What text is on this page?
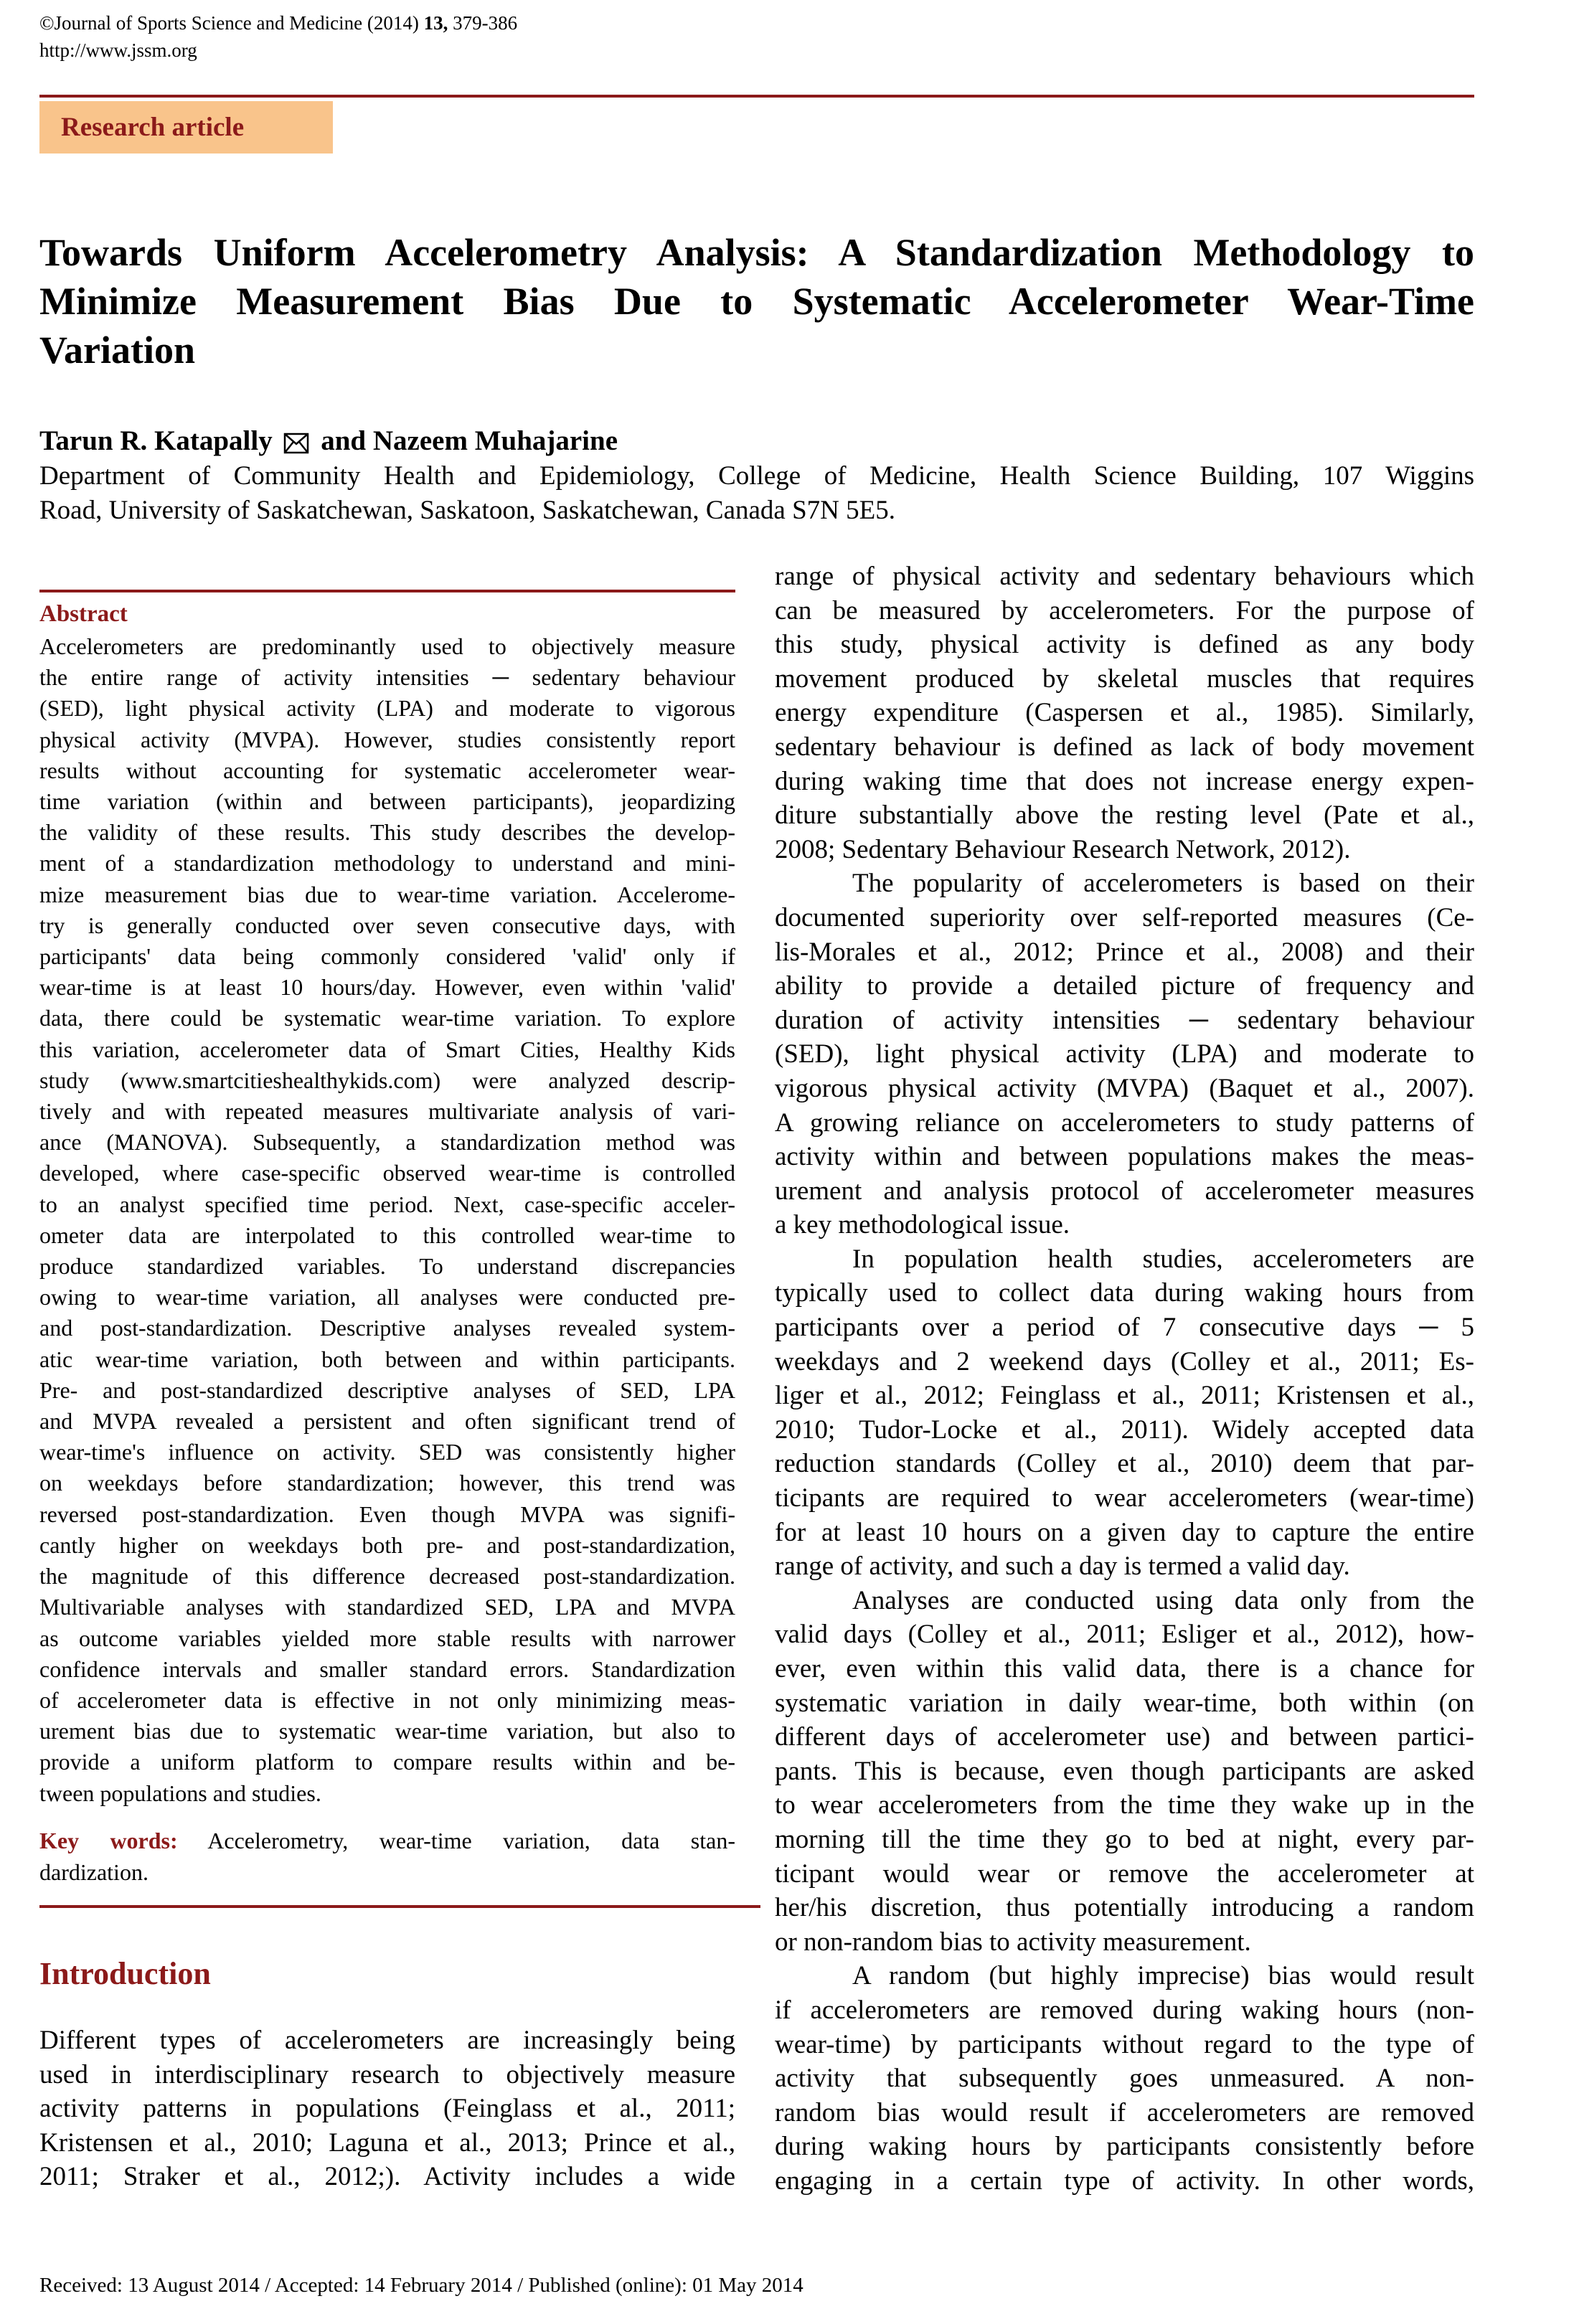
©Journal of Sports Science and Medicine (2014) 13, 379-386
http://www.jssm.org
Research article
Towards Uniform Accelerometry Analysis: A Standardization Methodology to
Minimize Measurement Bias Due to Systematic Accelerometer Wear-Time
Variation
Tarun R. Katapally and Nazeem Muhajarine
Department of Community Health and Epidemiology, College of Medicine, Health Science Building, 107 Wiggins
Road, University of Saskatchewan, Saskatoon, Saskatchewan, Canada S7N 5E5.
Abstract
Accelerometers are predominantly used to objectively measure
the entire range of activity intensities ─ sedentary behaviour
(SED), light physical activity (LPA) and moderate to vigorous
physical activity (MVPA). However, studies consistently report
results without accounting for systematic accelerometer wear-
time variation (within and between participants), jeopardizing
the validity of these results. This study describes the develop-
ment of a standardization methodology to understand and mini-
mize measurement bias due to wear-time variation. Accelerome-
try is generally conducted over seven consecutive days, with
participants' data being commonly considered 'valid' only if
wear-time is at least 10 hours/day. However, even within 'valid'
data, there could be systematic wear-time variation. To explore
this variation, accelerometer data of Smart Cities, Healthy Kids
study (www.smartcitieshealthykids.com) were analyzed descrip-
tively and with repeated measures multivariate analysis of vari-
ance (MANOVA). Subsequently, a standardization method was
developed, where case-specific observed wear-time is controlled
to an analyst specified time period. Next, case-specific acceler-
ometer data are interpolated to this controlled wear-time to
produce standardized variables. To understand discrepancies
owing to wear-time variation, all analyses were conducted pre-
and post-standardization. Descriptive analyses revealed system-
atic wear-time variation, both between and within participants.
Pre- and post-standardized descriptive analyses of SED, LPA
and MVPA revealed a persistent and often significant trend of
wear-time's influence on activity. SED was consistently higher
on weekdays before standardization; however, this trend was
reversed post-standardization. Even though MVPA was signifi-
cantly higher on weekdays both pre- and post-standardization,
the magnitude of this difference decreased post-standardization.
Multivariable analyses with standardized SED, LPA and MVPA
as outcome variables yielded more stable results with narrower
confidence intervals and smaller standard errors. Standardization
of accelerometer data is effective in not only minimizing meas-
urement bias due to systematic wear-time variation, but also to
provide a uniform platform to compare results within and be-
tween populations and studies.
Key words: Accelerometry, wear-time variation, data stan-
dardization.
Introduction
Different types of accelerometers are increasingly being
used in interdisciplinary research to objectively measure
activity patterns in populations (Feinglass et al., 2011;
Kristensen et al., 2010; Laguna et al., 2013; Prince et al.,
2011; Straker et al., 2012;). Activity includes a wide
range of physical activity and sedentary behaviours which
can be measured by accelerometers. For the purpose of
this study, physical activity is defined as any body
movement produced by skeletal muscles that requires
energy expenditure (Caspersen et al., 1985). Similarly,
sedentary behaviour is defined as lack of body movement
during waking time that does not increase energy expen-
diture substantially above the resting level (Pate et al.,
2008; Sedentary Behaviour Research Network, 2012).
The popularity of accelerometers is based on their
documented superiority over self-reported measures (Ce-
lis-Morales et al., 2012; Prince et al., 2008) and their
ability to provide a detailed picture of frequency and
duration of activity intensities ─ sedentary behaviour
(SED), light physical activity (LPA) and moderate to
vigorous physical activity (MVPA) (Baquet et al., 2007).
A growing reliance on accelerometers to study patterns of
activity within and between populations makes the meas-
urement and analysis protocol of accelerometer measures
a key methodological issue.
In population health studies, accelerometers are
typically used to collect data during waking hours from
participants over a period of 7 consecutive days ─ 5
weekdays and 2 weekend days (Colley et al., 2011; Es-
liger et al., 2012; Feinglass et al., 2011; Kristensen et al.,
2010; Tudor-Locke et al., 2011). Widely accepted data
reduction standards (Colley et al., 2010) deem that par-
ticipants are required to wear accelerometers (wear-time)
for at least 10 hours on a given day to capture the entire
range of activity, and such a day is termed a valid day.
Analyses are conducted using data only from the
valid days (Colley et al., 2011; Esliger et al., 2012), how-
ever, even within this valid data, there is a chance for
systematic variation in daily wear-time, both within (on
different days of accelerometer use) and between partici-
pants. This is because, even though participants are asked
to wear accelerometers from the time they wake up in the
morning till the time they go to bed at night, every par-
ticipant would wear or remove the accelerometer at
her/his discretion, thus potentially introducing a random
or non-random bias to activity measurement.
A random (but highly imprecise) bias would result
if accelerometers are removed during waking hours (non-
wear-time) by participants without regard to the type of
activity that subsequently goes unmeasured. A non-
random bias would result if accelerometers are removed
during waking hours by participants consistently before
engaging in a certain type of activity. In other words,
Received: 13 August 2014 / Accepted: 14 February 2014 / Published (online): 01 May 2014
